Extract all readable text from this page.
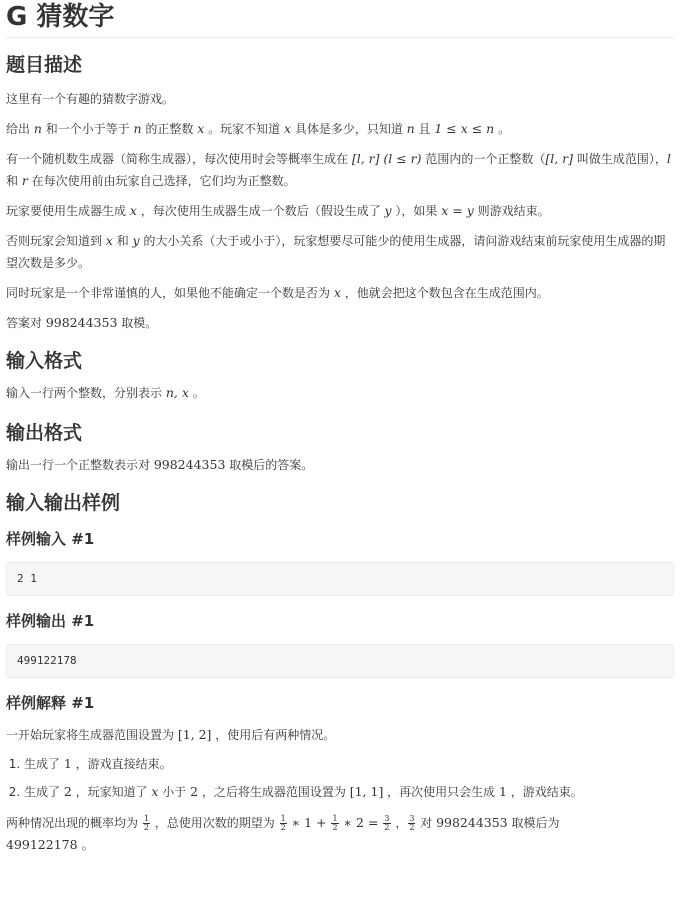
G 猜数字
题目描述

这里有一个有趣的猜数字游戏。

给出 n 和一个小于等于 n 的正整数 x 。玩家不知道 x 具体是多少，只知道 n 且 1 ≤ x ≤ n 。

有一个随机数生成器（简称生成器），每次使用时会等概率生成在 [l, r] (l ≤ r) 范围内的一个正整数（[l, r] 叫做生成范围），l 和 r 在每次使用前由玩家自己选择，它们均为正整数。

玩家要使用生成器生成 x ，每次使用生成器生成一个数后（假设生成了 y ），如果 x = y 则游戏结束。

否则玩家会知道到 x 和 y 的大小关系（大于或小于），玩家想要尽可能少的使用生成器，请问游戏结束前玩家使用生成器的期望次数是多少。

同时玩家是一个非常谨慎的人，如果他不能确定一个数是否为 x ，他就会把这个数包含在生成范围内。

答案对 998244353 取模。

输入格式

输入一行两个整数，分别表示 n, x 。

输出格式

输出一行一个正整数表示对 998244353 取模后的答案。

输入输出样例
样例输入 #1
2 1
样例输出 #1
499122178
样例解释 #1

一开始玩家将生成器范围设置为 [1, 2] ，使用后有两种情况。

1. 生成了 1 ，游戏直接结束。
2. 生成了 2 ，玩家知道了 x 小于 2 ，之后将生成器范围设置为 [1, 1] ，再次使用只会生成 1 ，游戏结束。

两种情况出现的概率均为 $\frac{1}{2}$ ，总使用次数的期望为 $\frac{1}{2}$ ∗ $1 + \frac{1}{2}$ ∗ $2 = \frac{3}{2}$ ， $\frac{3}{2}$ 对 998244353 取模后为
499122178 。
